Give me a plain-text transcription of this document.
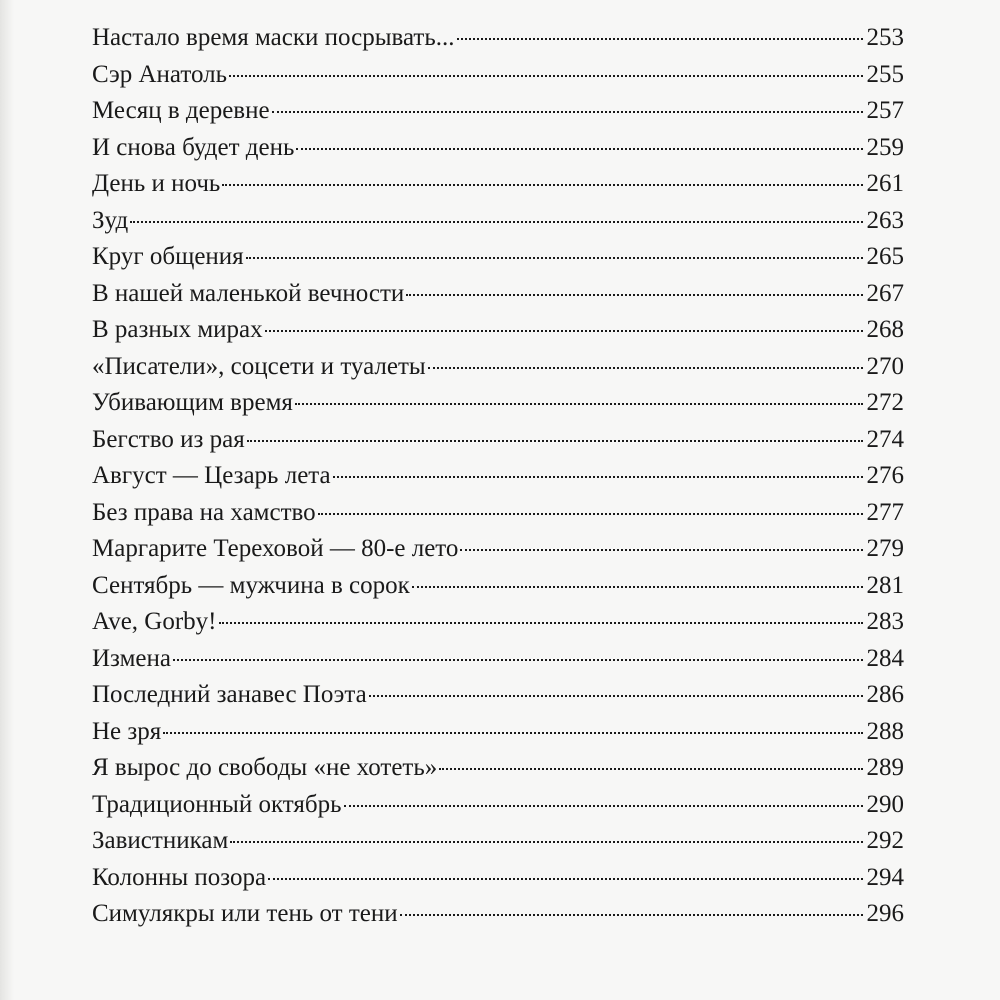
Настало время маски посрывать...	253
Сэр Анатоль	255
Месяц в деревне	257
И снова будет день	259
День и ночь	261
Зуд	263
Круг общения	265
В нашей маленькой вечности	267
В разных мирах	268
«Писатели», соцсети и туалеты	270
Убивающим время	272
Бегство из рая	274
Август — Цезарь лета	276
Без права на хамство	277
Маргарите Тереховой — 80-е лето	279
Сентябрь — мужчина в сорок	281
Ave, Gorby!	283
Измена	284
Последний занавес Поэта	286
Не зря	288
Я вырос до свободы «не хотеть»	289
Традиционный октябрь	290
Завистникам	292
Колонны позора	294
Симулякры или тень от тени	296
